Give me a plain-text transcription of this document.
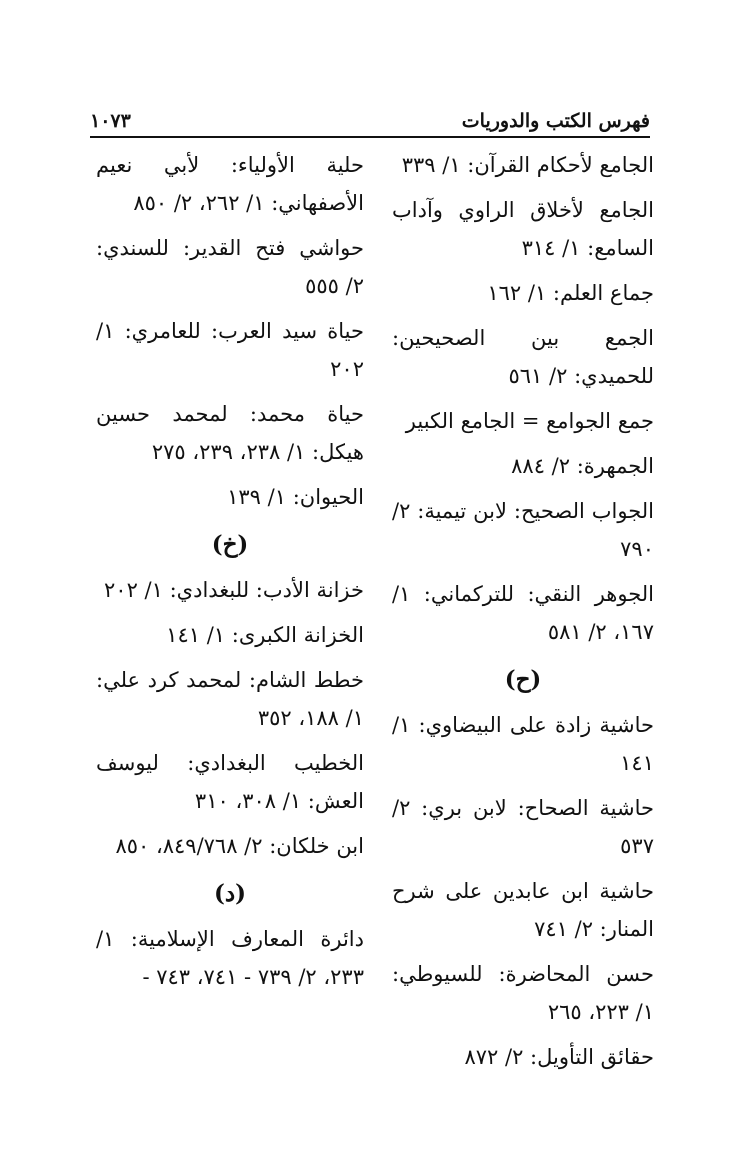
فهرس الكتب والدوريات
١٠٧٣
الجامع لأحكام القرآن: ١/ ٣٣٩
الجامع لأخلاق الراوي وآداب السامع: ١/ ٣١٤
جماع العلم: ١/ ١٦٢
الجمع بين الصحيحين: للحميدي: ٢/ ٥٦١
جمع الجوامع = الجامع الكبير
الجمهرة: ٢/ ٨٨٤
الجواب الصحيح: لابن تيمية: ٢/ ٧٩٠
الجوهر النقي: للتركماني: ١/ ١٦٧، ٢/ ٥٨١
(ح)
حاشية زادة على البيضاوي: ١/ ١٤١
حاشية الصحاح: لابن بري: ٢/ ٥٣٧
حاشية ابن عابدين على شرح المنار: ٢/ ٧٤١
حسن المحاضرة: للسيوطي: ١/ ٢٢٣، ٢٦٥
حقائق التأويل: ٢/ ٨٧٢
حلية الأولياء: لأبي نعيم الأصفهاني: ١/ ٢٦٢، ٢/ ٨٥٠
حواشي فتح القدير: للسندي: ٢/ ٥٥٥
حياة سيد العرب: للعامري: ١/ ٢٠٢
حياة محمد: لمحمد حسين هيكل: ١/ ٢٣٨، ٢٣٩، ٢٧٥
الحيوان: ١/ ١٣٩
(خ)
خزانة الأدب: للبغدادي: ١/ ٢٠٢
الخزانة الكبرى: ١/ ١٤١
خطط الشام: لمحمد كرد علي: ١/ ١٨٨، ٣٥٢
الخطيب البغدادي: ليوسف العش: ١/ ٣٠٨، ٣١٠
ابن خلكان: ٢/ ٨٤٩/٧٦٨، ٨٥٠
(د)
دائرة المعارف الإسلامية: ١/ ٢٣٣، ٢/ ٧٣٩ - ٧٤١، ٧٤٣ -
